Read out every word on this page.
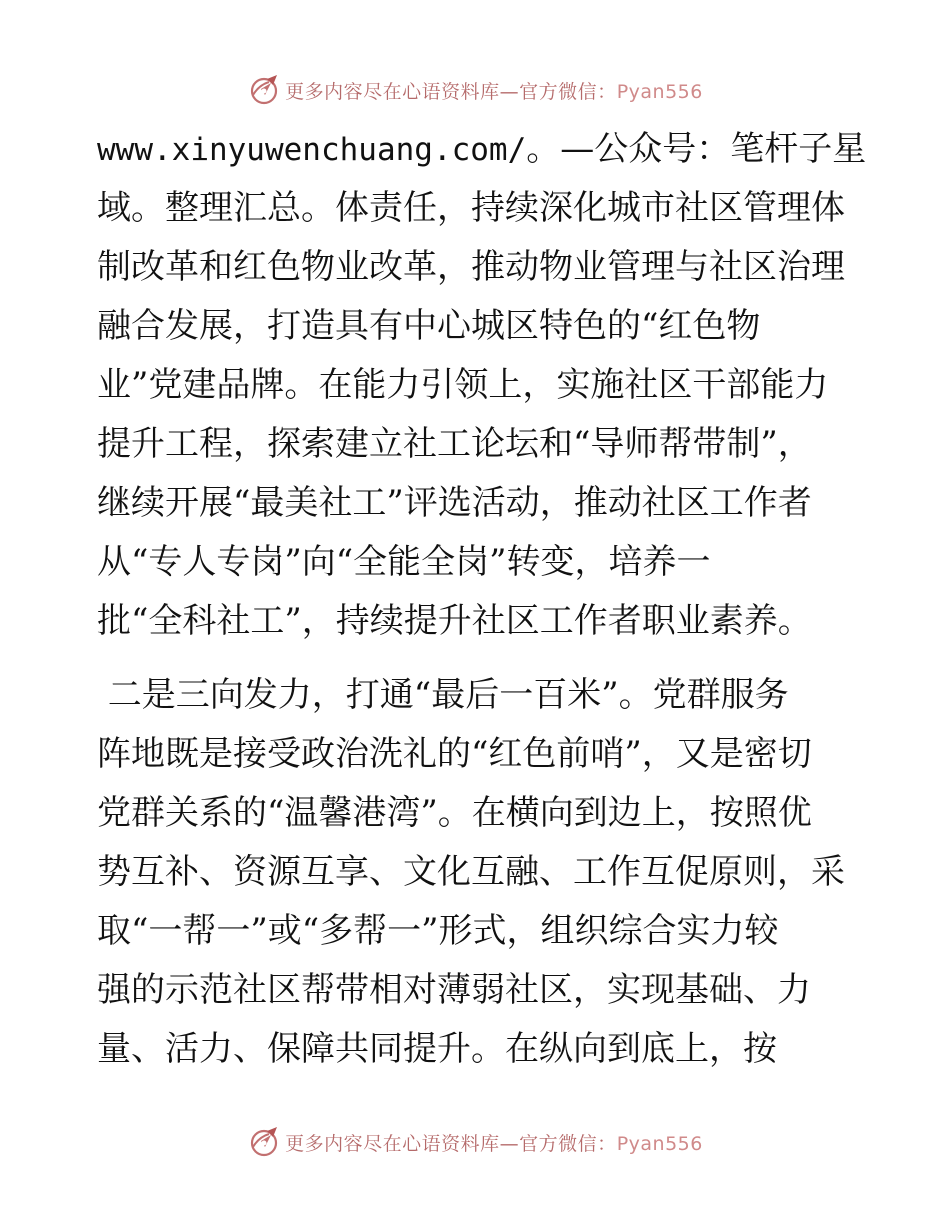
更多内容尽在心语资料库—官方微信：Pyan556
www.xinyuwenchuang.com/。—公众号：笔杆子星
域。整理汇总。体责任，持续深化城市社区管理体
制改革和红色物业改革，推动物业管理与社区治理
融合发展，打造具有中心城区特色的“红色物
业”党建品牌。在能力引领上，实施社区干部能力
提升工程，探索建立社工论坛和“导师帮带制”，
继续开展“最美社工”评选活动，推动社区工作者
从“专人专岗”向“全能全岗”转变，培养一
批“全科社工”，持续提升社区工作者职业素养。
二是三向发力，打通“最后一百米”。党群服务
阵地既是接受政治洗礼的“红色前哨”，又是密切
党群关系的“温馨港湾”。在横向到边上，按照优
势互补、资源互享、文化互融、工作互促原则，采
取“一帮一”或“多帮一”形式，组织综合实力较
强的示范社区帮带相对薄弱社区，实现基础、力
量、活力、保障共同提升。在纵向到底上，按
更多内容尽在心语资料库—官方微信：Pyan556
